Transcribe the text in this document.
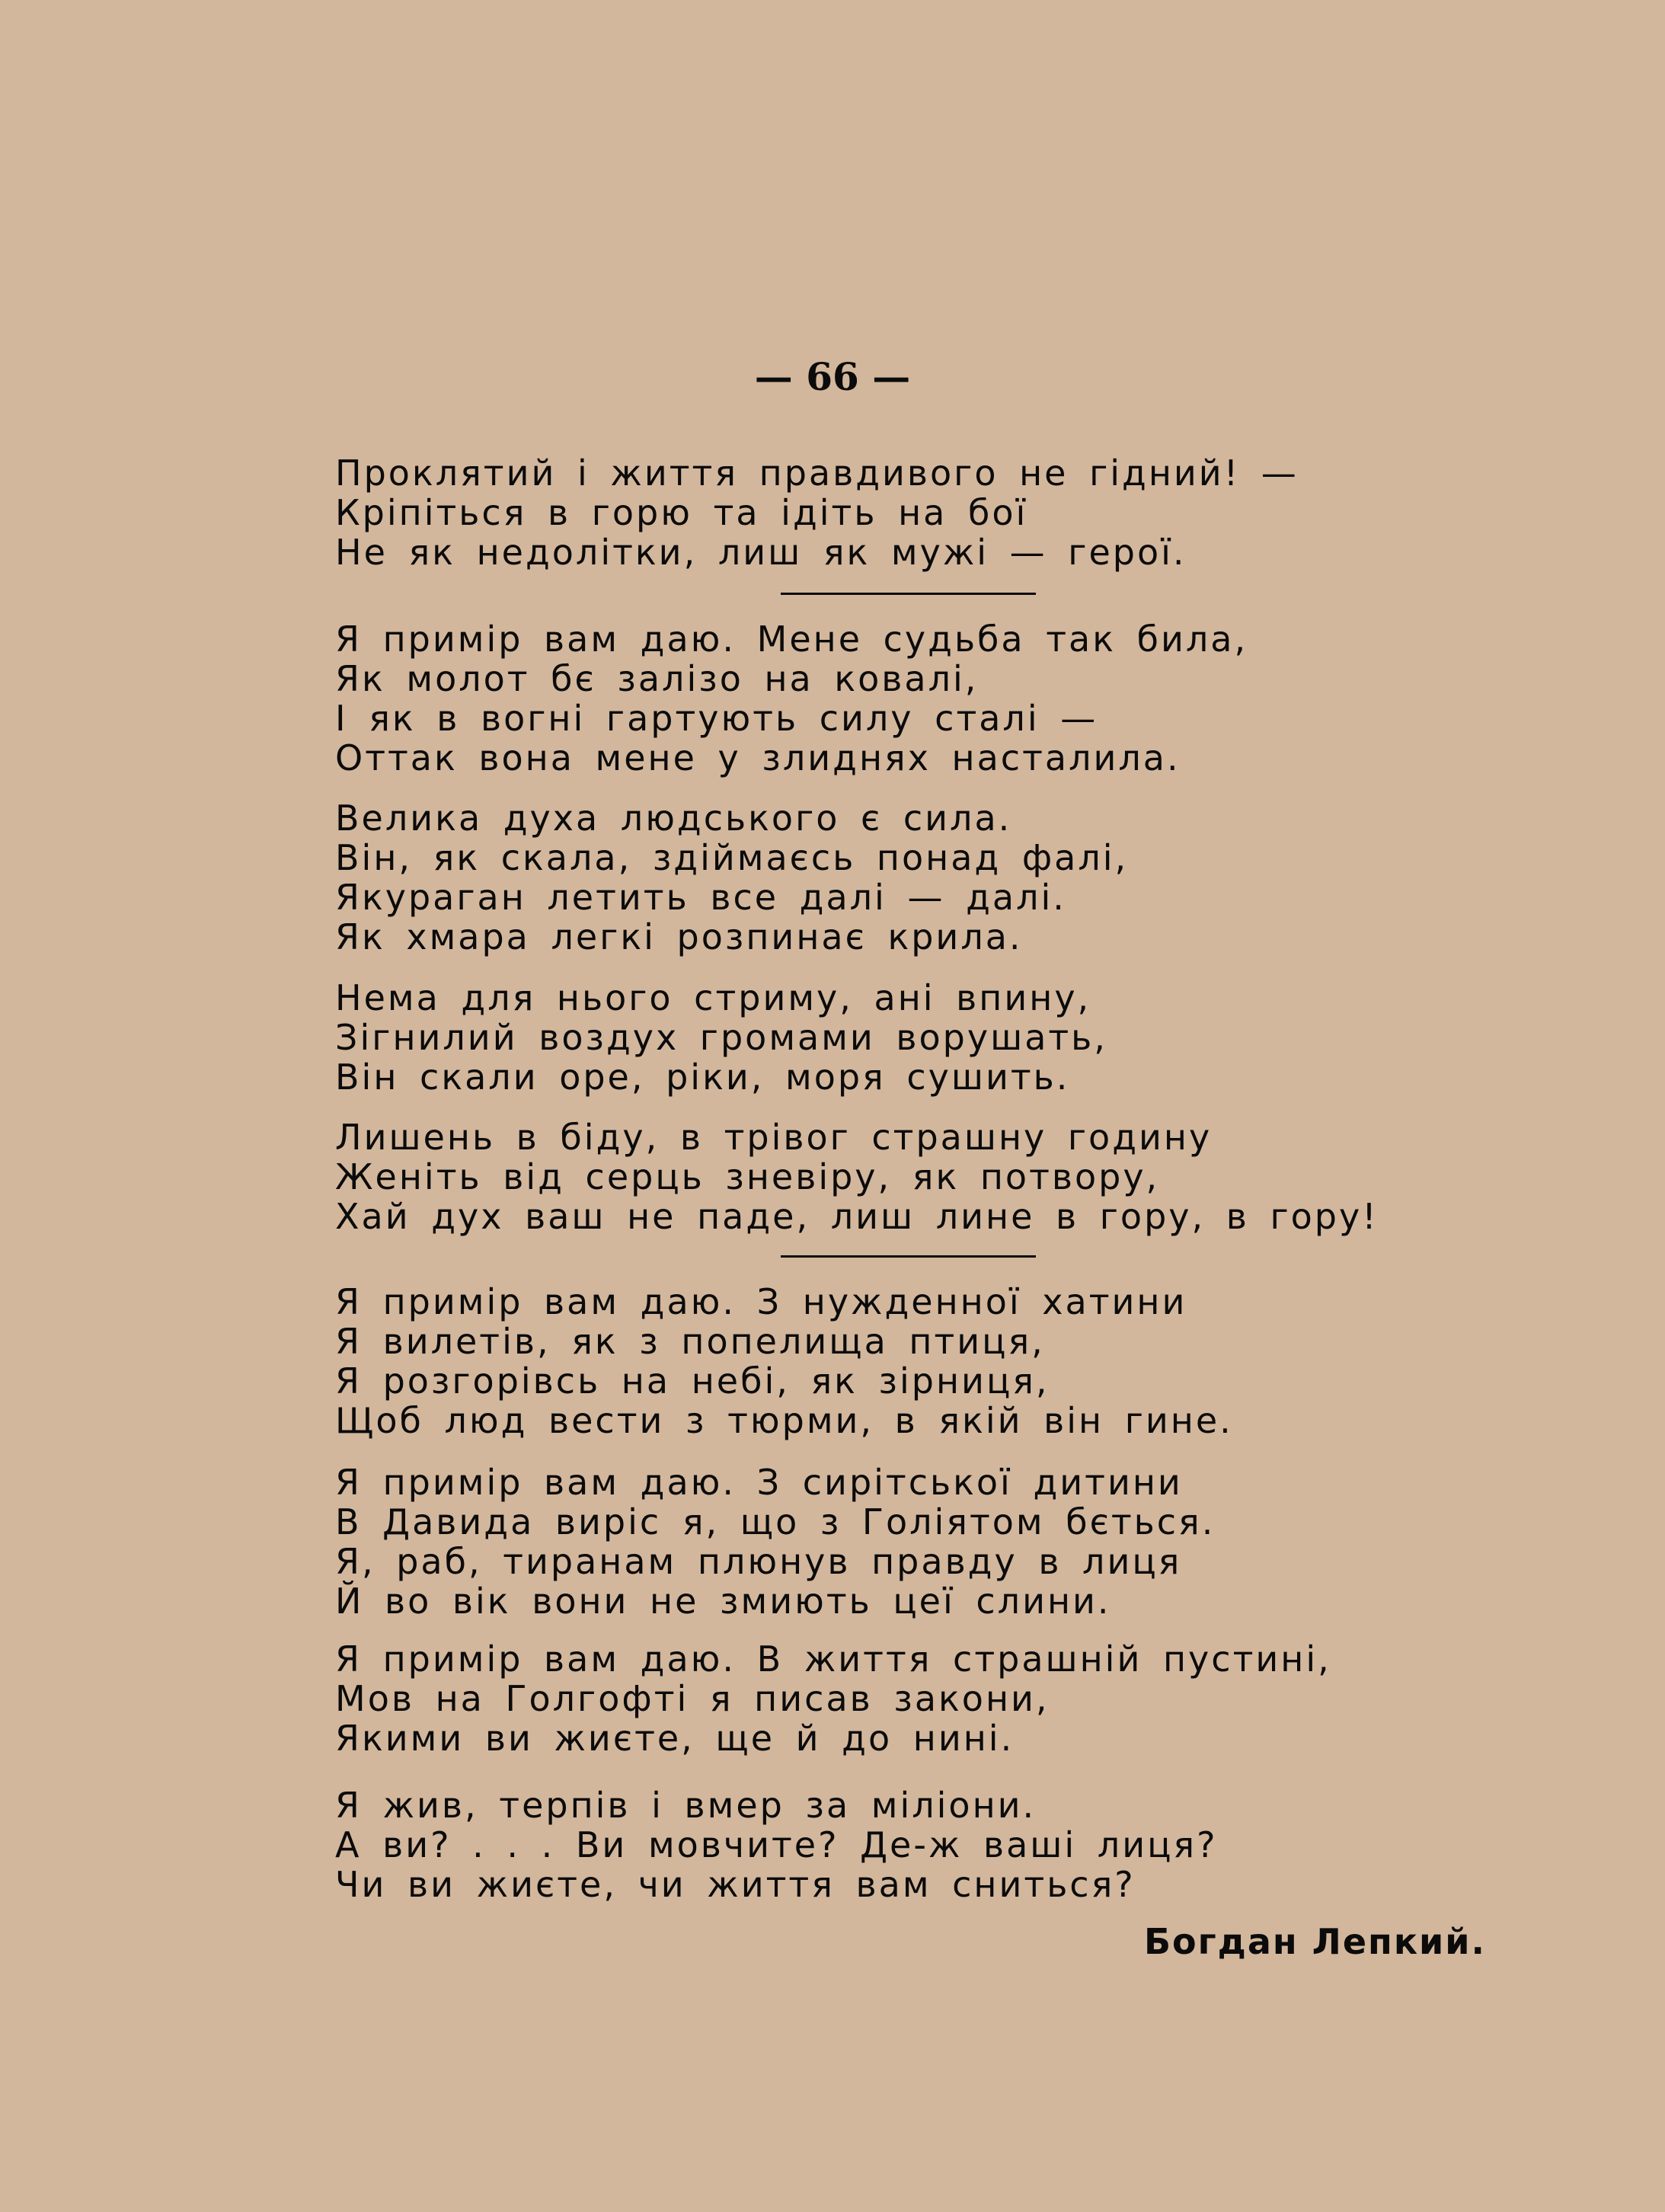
— 66 —
Проклятий і життя правдивого не гідний! —
Кріпіться в горю та ідіть на бої
Не як недолітки, лиш як мужі — герої.
Я примір вам даю. Мене судьба так била,
Як молот бє залізо на ковалі,
І як в вогні гартують силу сталі —
Оттак вона мене у злиднях насталила.
Велика духа людського є сила.
Він, як скала, здіймаєсь понад фалі,
Якураган летить все далі — далі.
Як хмара легкі розпинає крила.
Нема для нього стриму, ані впину,
Зігнилий воздух громами ворушать,
Він скали оре, ріки, моря сушить.
Лишень в біду, в трівог страшну годину
Женіть від серць зневіру, як потвору,
Хай дух ваш не паде, лиш лине в гору, в гору!
Я примір вам даю. З нужденної хатини
Я вилетів, як з попелища птиця,
Я розгорівсь на небі, як зірниця,
Щоб люд вести з тюрми, в якій він гине.
Я примір вам даю. З сирітської дитини
В Давида виріс я, що з Голіятом бється.
Я, раб, тиранам плюнув правду в лиця
Й во вік вони не змиють цеї слини.
Я примір вам даю. В життя страшній пустині,
Мов на Голгофті я писав закони,
Якими ви жиєте, ще й до нині.
Я жив, терпів і вмер за міліони.
А ви? . . . Ви мовчите? Де-ж ваші лиця?
Чи ви жиєте, чи життя вам сниться?
Богдан Лепкий.
